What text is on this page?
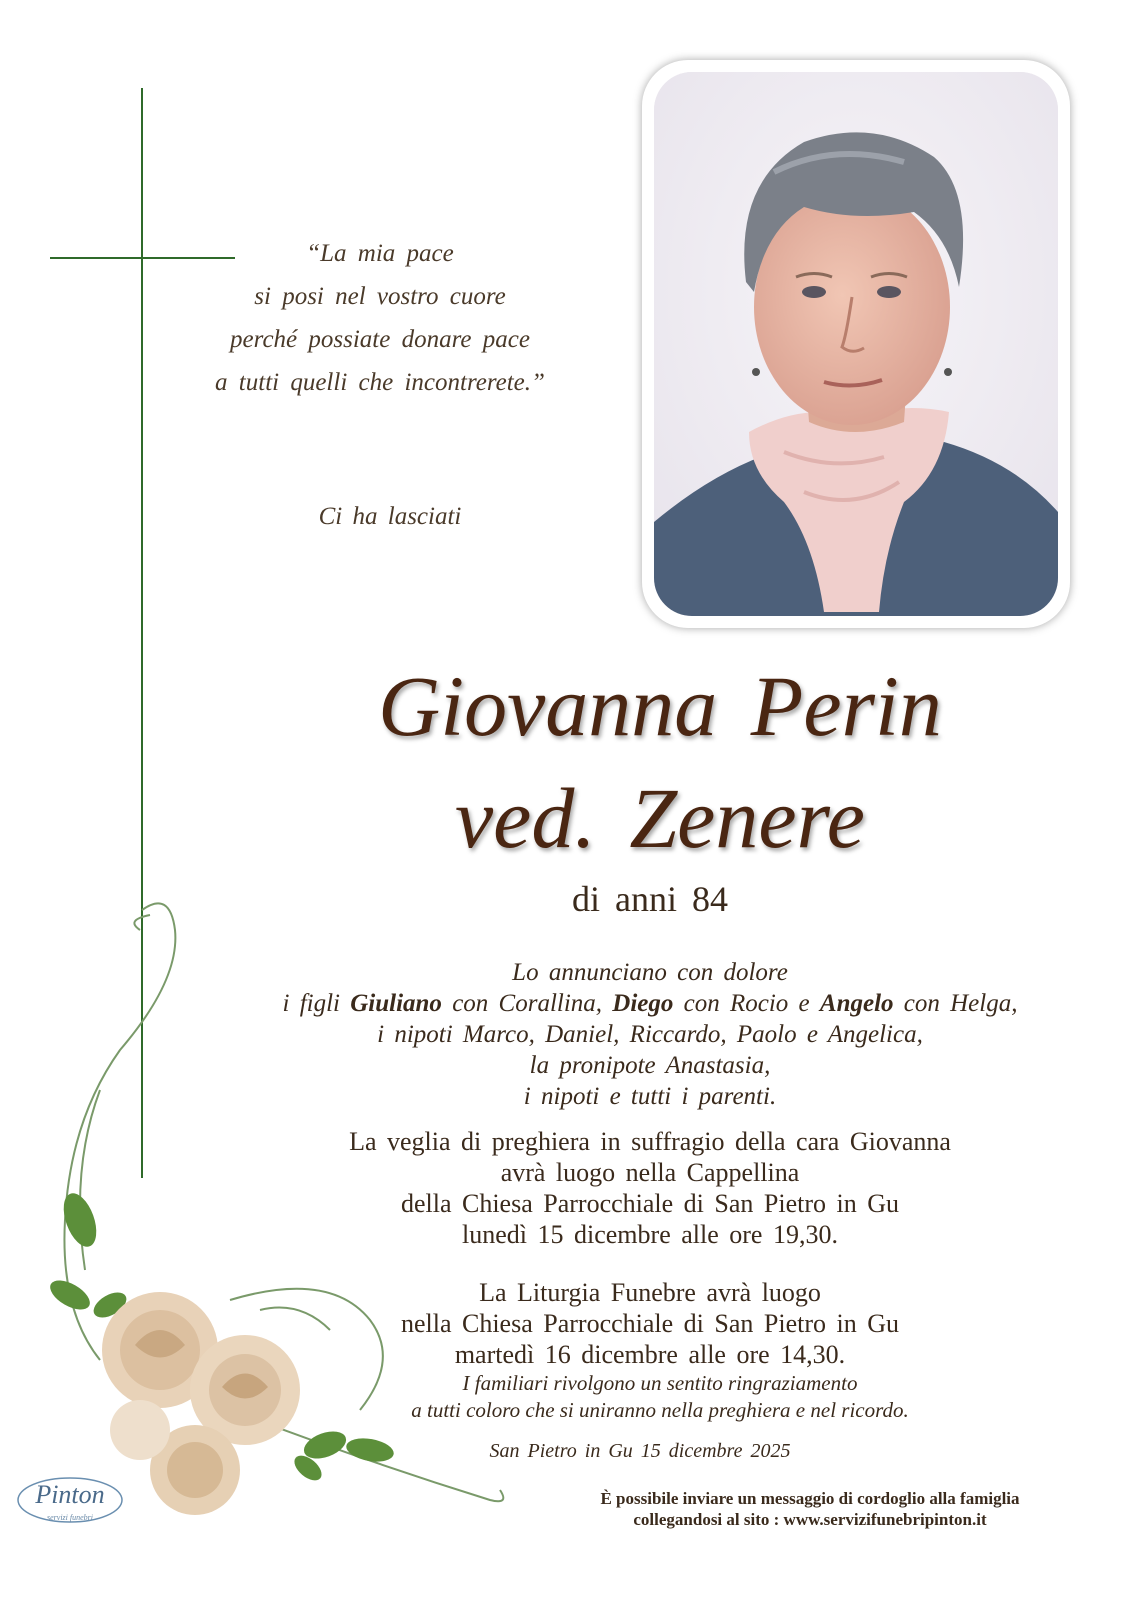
“La mia pace
si posi nel vostro cuore
perché possiate donare pace
a tutti quelli che incontrerete.”
Ci ha lasciati
Giovanna Perin
ved. Zenere
di anni 84
Lo annunciano con dolore
i figli Giuliano con Corallina, Diego con Rocio e Angelo con Helga,
i nipoti Marco, Daniel, Riccardo, Paolo e Angelica,
la pronipote Anastasia,
i nipoti e tutti i parenti.
La veglia di preghiera in suffragio della cara Giovanna
avrà luogo nella Cappellina
della Chiesa Parrocchiale di San Pietro in Gu
lunedì 15 dicembre alle ore 19,30.
La Liturgia Funebre avrà luogo
nella Chiesa Parrocchiale di San Pietro in Gu
martedì 16 dicembre alle ore 14,30.
I familiari rivolgono un sentito ringraziamento
a tutti coloro che si uniranno nella preghiera e nel ricordo.
San Pietro in Gu 15 dicembre 2025
È possibile inviare un messaggio di cordoglio alla famiglia
collegandosi al sito : www.servizifunebripinton.it
Pinton
servizi funebri
